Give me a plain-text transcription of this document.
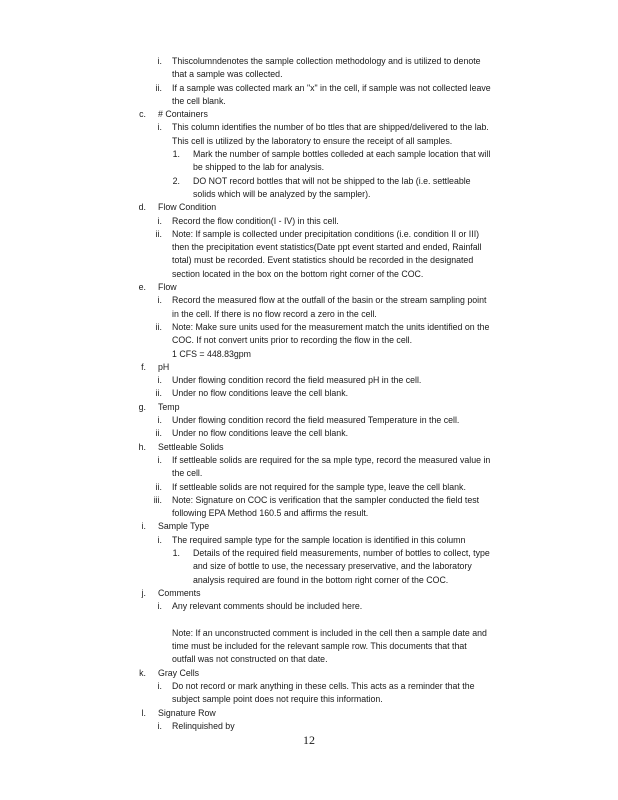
i. Thiscolumndenotes the sample collection methodology and is utilized to denote
that a sample was collected.
ii. If a sample was collected mark an "x" in the cell, if sample was not collected leave
the cell blank.
c. # Containers
i. This column identifies the number of bo ttles that are shipped/delivered to the lab.
This cell is utilized by the laboratory to ensure the receipt of all samples.
1. Mark the number of sample bottles colleded at each sample location that will
be shipped to the lab for analysis.
2. DO NOT record bottles that will not be shipped to the lab (i.e. settleable
solids which will be analyzed by the sampler).
d. Flow Condition
i. Record the flow condition(I - IV) in this cell.
ii. Note: If sample is collected under precipitation conditions (i.e. condition II or III)
then the precipitation event statistics(Date ppt event started and ended, Rainfall
total) must be recorded. Event statistics should be recorded in the designated
section located in the box on the bottom right corner of the COC.
e. Flow
i. Record the measured flow at the outfall of the basin or the stream sampling point
in the cell. If there is no flow record a zero in the cell.
ii. Note: Make sure units used for the measurement match the units identified on the
COC. If not convert units prior to recording the flow in the cell.
1 CFS = 448.83gpm
f. pH
i. Under flowing condition record the field measured pH in the cell.
ii. Under no flow conditions leave the cell blank.
g. Temp
i. Under flowing condition record the field measured Temperature in the cell.
ii. Under no flow conditions leave the cell blank.
h. Settleable Solids
i. If settleable solids are required for the sa mple type, record the measured value in
the cell.
ii. If settleable solids are not required for the sample type, leave the cell blank.
iii. Note: Signature on COC is verification that the sampler conducted the field test
following EPA Method 160.5 and affirms the result.
i. Sample Type
i. The required sample type for the sample location is identified in this column
1. Details of the required field measurements, number of bottles to collect, type
and size of bottle to use, the necessary preservative, and the laboratory
analysis required are found in the bottom right corner of the COC.
j. Comments
i. Any relevant comments should be included here.
Note: If an unconstructed comment is included in the cell then a sample date and
time must be included for the relevant sample row. This documents that that
outfall was not constructed on that date.
k. Gray Cells
i. Do not record or mark anything in these cells. This acts as a reminder that the
subject sample point does not require this information.
l. Signature Row
i. Relinquished by
12
